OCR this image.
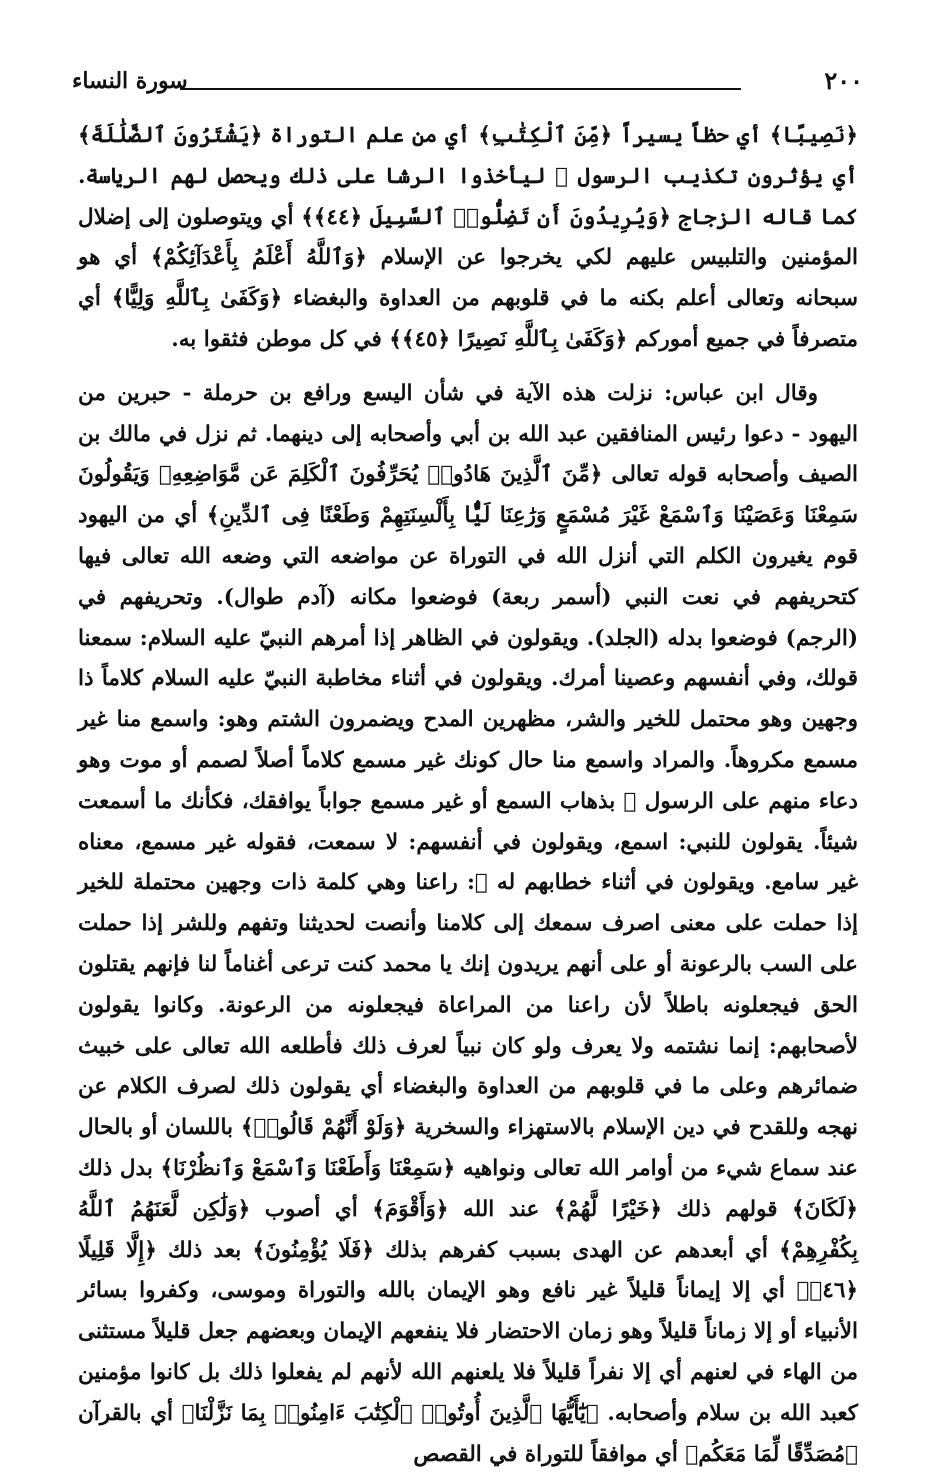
٢٠٠
سورة النساء

﴿نَصِيبًا﴾ أي حظاً يسيراً ﴿مِّنَ ٱلْكِتَٰبِ﴾ أي من علم التوراة ﴿يَشْتَرُونَ ٱلضَّلَٰلَةَ﴾ أي يؤثرون تكذيب الرسول ﷺ ليأخذوا الرشا على ذلك ويحصل لهم الرياسة. كما قاله الزجاج ﴿وَيُرِيدُونَ أَن تَضِلُّوا۟ ٱلسَّبِيلَ ﴿٤٤﴾﴾ أي ويتوصلون إلى إضلال المؤمنين والتلبيس عليهم لكي يخرجوا عن الإسلام ﴿وَٱللَّهُ أَعْلَمُ بِأَعْدَآئِكُمْ﴾ أي هو سبحانه وتعالى أعلم بكنه ما في قلوبهم من العداوة والبغضاء ﴿وَكَفَىٰ بِٱللَّهِ وَلِيًّا﴾ أي متصرفاً في جميع أموركم ﴿وَكَفَىٰ بِٱللَّهِ نَصِيرًا ﴿٤٥﴾﴾ في كل موطن فثقوا به.

وقال ابن عباس: نزلت هذه الآية في شأن اليسع ورافع بن حرملة - حبرين من اليهود - دعوا رئيس المنافقين عبد الله بن أبي وأصحابه إلى دينهما. ثم نزل في مالك بن الصيف وأصحابه قوله تعالى ﴿مِّنَ ٱلَّذِينَ هَادُوا۟ يُحَرِّفُونَ ٱلْكَلِمَ عَن مَّوَاضِعِهِۦ وَيَقُولُونَ سَمِعْنَا وَعَصَيْنَا وَٱسْمَعْ غَيْرَ مُسْمَعٍ وَرَٰعِنَا لَيًّۢا بِأَلْسِنَتِهِمْ وَطَعْنًا فِى ٱلدِّينِ﴾ أي من اليهود قوم يغيرون الكلم التي أنزل الله في التوراة عن مواضعه التي وضعه الله تعالى فيها كتحريفهم في نعت النبي (أسمر ربعة) فوضعوا مكانه (آدم طوال). وتحريفهم في (الرجم) فوضعوا بدله (الجلد). ويقولون في الظاهر إذا أمرهم النبيّ عليه السلام: سمعنا قولك، وفي أنفسهم وعصينا أمرك. ويقولون في أثناء مخاطبة النبيّ عليه السلام كلاماً ذا وجهين وهو محتمل للخير والشر، مظهرين المدح ويضمرون الشتم وهو: واسمع منا غير مسمع مكروهاً. والمراد واسمع منا حال كونك غير مسمع كلاماً أصلاً لصمم أو موت وهو دعاء منهم على الرسول ﷺ بذهاب السمع أو غير مسمع جواباً يوافقك، فكأنك ما أسمعت شيئاً. يقولون للنبي: اسمع، ويقولون في أنفسهم: لا سمعت، فقوله غير مسمع، معناه غير سامع. ويقولون في أثناء خطابهم له ﷺ: راعنا وهي كلمة ذات وجهين محتملة للخير إذا حملت على معنى اصرف سمعك إلى كلامنا وأنصت لحديثنا وتفهم وللشر إذا حملت على السب بالرعونة أو على أنهم يريدون إنك يا محمد كنت ترعى أغناماً لنا فإنهم يقتلون الحق فيجعلونه باطلاً لأن راعنا من المراعاة فيجعلونه من الرعونة. وكانوا يقولون لأصحابهم: إنما نشتمه ولا يعرف ولو كان نبياً لعرف ذلك فأطلعه الله تعالى على خبيث ضمائرهم وعلى ما في قلوبهم من العداوة والبغضاء أي يقولون ذلك لصرف الكلام عن نهجه وللقدح في دين الإسلام بالاستهزاء والسخرية ﴿وَلَوْ أَنَّهُمْ قَالُوا۟﴾ باللسان أو بالحال عند سماع شيء من أوامر الله تعالى ونواهيه ﴿سَمِعْنَا وَأَطَعْنَا وَٱسْمَعْ وَٱنظُرْنَا﴾ بدل ذلك ﴿لَكَانَ﴾ قولهم ذلك ﴿خَيْرًا لَّهُمْ﴾ عند الله ﴿وَأَقْوَمَ﴾ أي أصوب ﴿وَلَٰكِن لَّعَنَهُمُ ٱللَّهُ بِكُفْرِهِمْ﴾ أي أبعدهم عن الهدى بسبب كفرهم بذلك ﴿فَلَا يُؤْمِنُونَ﴾ بعد ذلك ﴿إِلَّا قَلِيلًا ﴿٤٦﴾﴾ أي إلا إيماناً قليلاً غير نافع وهو الإيمان بالله والتوراة وموسى، وكفروا بسائر الأنبياء أو إلا زماناً قليلاً وهو زمان الاحتضار فلا ينفعهم الإيمان وبعضهم جعل قليلاً مستثنى من الهاء في لعنهم أي إلا نفراً قليلاً فلا يلعنهم الله لأنهم لم يفعلوا ذلك بل كانوا مؤمنين كعبد الله بن سلام وأصحابه. ﴿يَٰٓأَيُّهَا ٱلَّذِينَ أُوتُوا۟ ٱلْكِتَٰبَ ءَامِنُوا۟ بِمَا نَزَّلْنَا﴾ أي بالقرآن ﴿مُصَدِّقًا لِّمَا مَعَكُم﴾ أي موافقاً للتوراة في القصص
